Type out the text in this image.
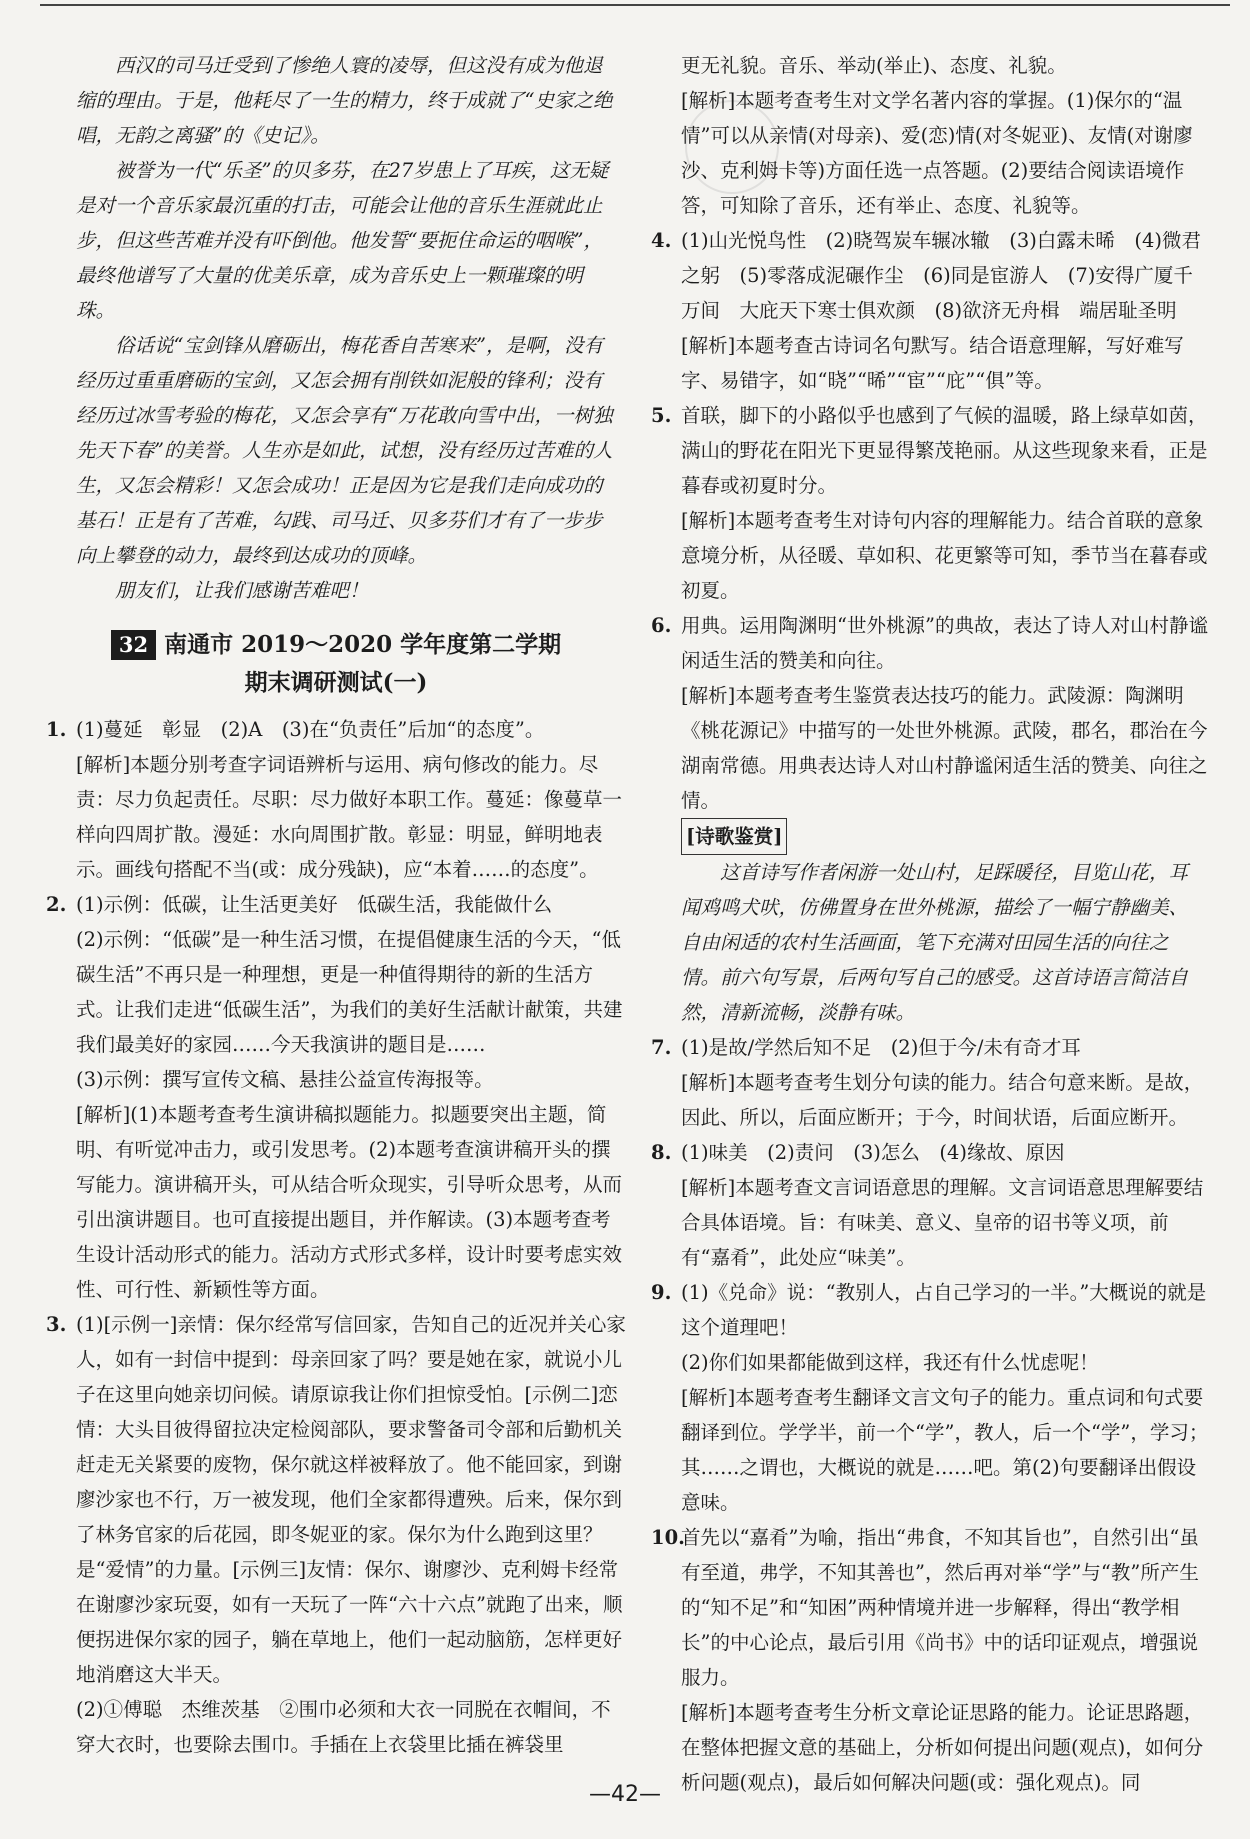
西汉的司马迁受到了惨绝人寰的凌辱，但这没有成为他退缩的理由。于是，他耗尽了一生的精力，终于成就了“史家之绝唱，无韵之离骚”的《史记》。

被誉为一代“乐圣”的贝多芬，在27岁患上了耳疾，这无疑是对一个音乐家最沉重的打击，可能会让他的音乐生涯就此止步，但这些苦难并没有吓倒他。他发誓“要扼住命运的咽喉”，最终他谱写了大量的优美乐章，成为音乐史上一颗璀璨的明珠。

俗话说“宝剑锋从磨砺出，梅花香自苦寒来”，是啊，没有经历过重重磨砺的宝剑，又怎会拥有削铁如泥般的锋利；没有经历过冰雪考验的梅花，又怎会享有“万花敢向雪中出，一树独先天下春”的美誉。人生亦是如此，试想，没有经历过苦难的人生，又怎会精彩！又怎会成功！正是因为它是我们走向成功的基石！正是有了苦难，勾践、司马迁、贝多芬们才有了一步步向上攀登的动力，最终到达成功的顶峰。

朋友们，让我们感谢苦难吧！

32 南通市 2019～2020 学年度第二学期
期末调研测试(一)
1. (1)蔓延　彰显　(2)A　(3)在“负责任”后加“的态度”。

[解析]本题分别考查字词语辨析与运用、病句修改的能力。尽责：尽力负起责任。尽职：尽力做好本职工作。蔓延：像蔓草一样向四周扩散。漫延：水向周围扩散。彰显：明显，鲜明地表示。画线句搭配不当(或：成分残缺)，应“本着……的态度”。

2. (1)示例：低碳，让生活更美好　低碳生活，我能做什么

(2)示例：“低碳”是一种生活习惯，在提倡健康生活的今天，“低碳生活”不再只是一种理想，更是一种值得期待的新的生活方式。让我们走进“低碳生活”，为我们的美好生活献计献策，共建我们最美好的家园……今天我演讲的题目是……

(3)示例：撰写宣传文稿、悬挂公益宣传海报等。

[解析](1)本题考查考生演讲稿拟题能力。拟题要突出主题，简明、有听觉冲击力，或引发思考。(2)本题考查演讲稿开头的撰写能力。演讲稿开头，可从结合听众现实，引导听众思考，从而引出演讲题目。也可直接提出题目，并作解读。(3)本题考查考生设计活动形式的能力。活动方式形式多样，设计时要考虑实效性、可行性、新颖性等方面。

3. (1)[示例一]亲情：保尔经常写信回家，告知自己的近况并关心家人，如有一封信中提到：母亲回家了吗？要是她在家，就说小儿子在这里向她亲切问候。请原谅我让你们担惊受怕。[示例二]恋情：大头目彼得留拉决定检阅部队，要求警备司令部和后勤机关赶走无关紧要的废物，保尔就这样被释放了。他不能回家，到谢廖沙家也不行，万一被发现，他们全家都得遭殃。后来，保尔到了林务官家的后花园，即冬妮亚的家。保尔为什么跑到这里？是“爱情”的力量。[示例三]友情：保尔、谢廖沙、克利姆卡经常在谢廖沙家玩耍，如有一天玩了一阵“六十六点”就跑了出来，顺便拐进保尔家的园子，躺在草地上，他们一起动脑筋，怎样更好地消磨这大半天。

(2)①傅聪　杰维茨基　②围巾必须和大衣一同脱在衣帽间，不穿大衣时，也要除去围巾。手插在上衣袋里比插在裤袋里

更无礼貌。音乐、举动(举止)、态度、礼貌。

[解析]本题考查考生对文学名著内容的掌握。(1)保尔的“温情”可以从亲情(对母亲)、爱(恋)情(对冬妮亚)、友情(对谢廖沙、克利姆卡等)方面任选一点答题。(2)要结合阅读语境作答，可知除了音乐，还有举止、态度、礼貌等。

4. (1)山光悦鸟性　(2)晓驾炭车辗冰辙　(3)白露未晞　(4)微君之躬　(5)零落成泥碾作尘　(6)同是宦游人　(7)安得广厦千万间　大庇天下寒士俱欢颜　(8)欲济无舟楫　端居耻圣明

[解析]本题考查古诗词名句默写。结合语意理解，写好难写字、易错字，如“晓”“晞”“宦”“庇”“俱”等。

5. 首联，脚下的小路似乎也感到了气候的温暖，路上绿草如茵，满山的野花在阳光下更显得繁茂艳丽。从这些现象来看，正是暮春或初夏时分。

[解析]本题考查考生对诗句内容的理解能力。结合首联的意象意境分析，从径暖、草如积、花更繁等可知，季节当在暮春或初夏。

6. 用典。运用陶渊明“世外桃源”的典故，表达了诗人对山村静谧闲适生活的赞美和向往。

[解析]本题考查考生鉴赏表达技巧的能力。武陵源：陶渊明《桃花源记》中描写的一处世外桃源。武陵，郡名，郡治在今湖南常德。用典表达诗人对山村静谧闲适生活的赞美、向往之情。

[诗歌鉴赏]

这首诗写作者闲游一处山村，足踩暖径，目览山花，耳闻鸡鸣犬吠，仿佛置身在世外桃源，描绘了一幅宁静幽美、自由闲适的农村生活画面，笔下充满对田园生活的向往之情。前六句写景，后两句写自己的感受。这首诗语言简洁自然，清新流畅，淡静有味。

7. (1)是故/学然后知不足　(2)但于今/未有奇才耳

[解析]本题考查考生划分句读的能力。结合句意来断。是故，因此、所以，后面应断开；于今，时间状语，后面应断开。

8. (1)味美　(2)责问　(3)怎么　(4)缘故、原因

[解析]本题考查文言词语意思的理解。文言词语意思理解要结合具体语境。旨：有味美、意义、皇帝的诏书等义项，前有“嘉肴”，此处应“味美”。

9. (1)《兑命》说：“教别人，占自己学习的一半。”大概说的就是这个道理吧！

(2)你们如果都能做到这样，我还有什么忧虑呢！

[解析]本题考查考生翻译文言文句子的能力。重点词和句式要翻译到位。学学半，前一个“学”，教人，后一个“学”，学习；其……之谓也，大概说的就是……吧。第(2)句要翻译出假设意味。

10.

首先以“嘉肴”为喻，指出“弗食，不知其旨也”，自然引出“虽有至道，弗学，不知其善也”，然后再对举“学”与“教”所产生的“知不足”和“知困”两种情境并进一步解释，得出“教学相长”的中心论点，最后引用《尚书》中的话印证观点，增强说服力。

[解析]本题考查考生分析文章论证思路的能力。论证思路题，在整体把握文意的基础上，分析如何提出问题(观点)，如何分析问题(观点)，最后如何解决问题(或：强化观点)。同

—42—
